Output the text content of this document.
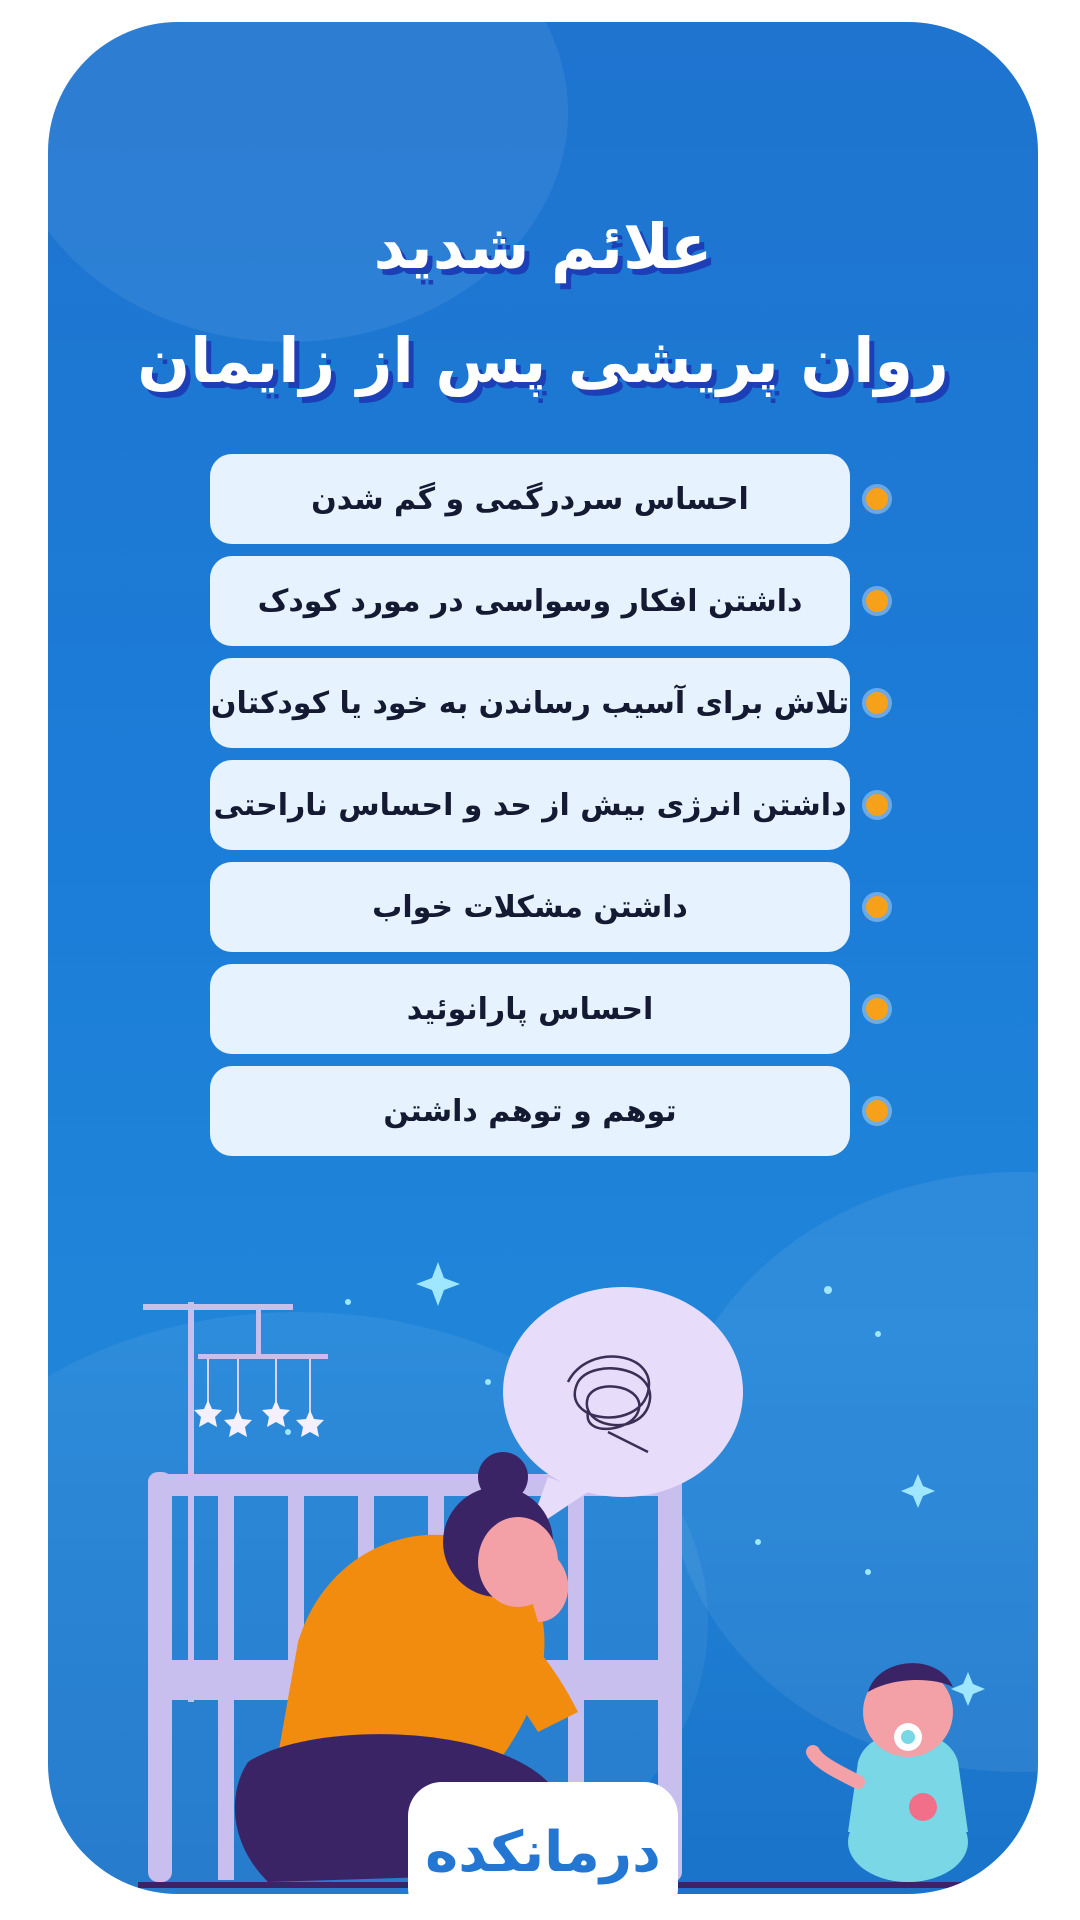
علائم شدید
روان پریشی پس از زایمان
احساس سردرگمی و گم شدن
داشتن افکار وسواسی در مورد کودک
تلاش برای آسیب رساندن به خود یا کودکتان
داشتن انرژی بیش از حد و احساس ناراحتی
داشتن مشکلات خواب
احساس پارانوئید
توهم و توهم داشتن
درمانکده
